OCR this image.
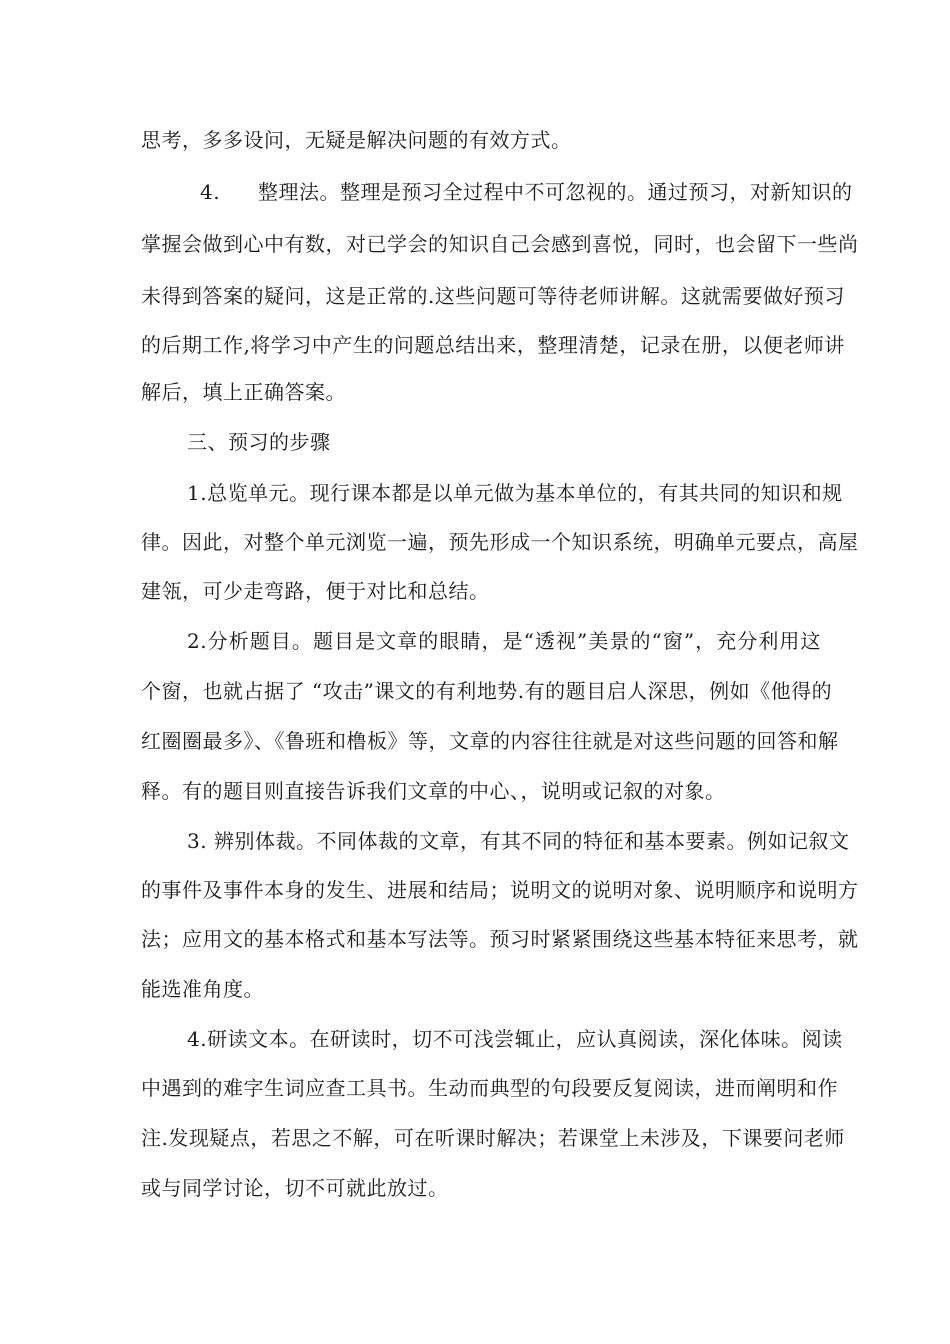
思考，多多设问，无疑是解决问题的有效方式。
4.	整理法。整理是预习全过程中不可忽视的。通过预习，对新知识的
掌握会做到心中有数，对已学会的知识自己会感到喜悦，同时，也会留下一些尚
未得到答案的疑问，这是正常的.这些问题可等待老师讲解。这就需要做好预习
的后期工作,将学习中产生的问题总结出来，整理清楚，记录在册，以便老师讲
解后，填上正确答案。
三、预习的步骤
1.总览单元。现行课本都是以单元做为基本单位的，有其共同的知识和规
律。因此，对整个单元浏览一遍，预先形成一个知识系统，明确单元要点，高屋
建瓴，可少走弯路，便于对比和总结。
2.分析题目。题目是文章的眼睛，是“透视”美景的“窗”，充分利用这
个窗，也就占据了 “攻击”课文的有利地势.有的题目启人深思，例如《他得的
红圈圈最多》、《鲁班和橹板》等，文章的内容往往就是对这些问题的回答和解
释。有的题目则直接告诉我们文章的中心、，说明或记叙的对象。
3. 辨别体裁。不同体裁的文章，有其不同的特征和基本要素。例如记叙文
的事件及事件本身的发生、进展和结局；说明文的说明对象、说明顺序和说明方
法；应用文的基本格式和基本写法等。预习时紧紧围绕这些基本特征来思考，就
能选准角度。
4.研读文本。在研读时，切不可浅尝辄止，应认真阅读，深化体味。阅读
中遇到的难字生词应查工具书。生动而典型的句段要反复阅读，进而阐明和作
注.发现疑点，若思之不解，可在听课时解决；若课堂上未涉及，下课要问老师
或与同学讨论，切不可就此放过。
